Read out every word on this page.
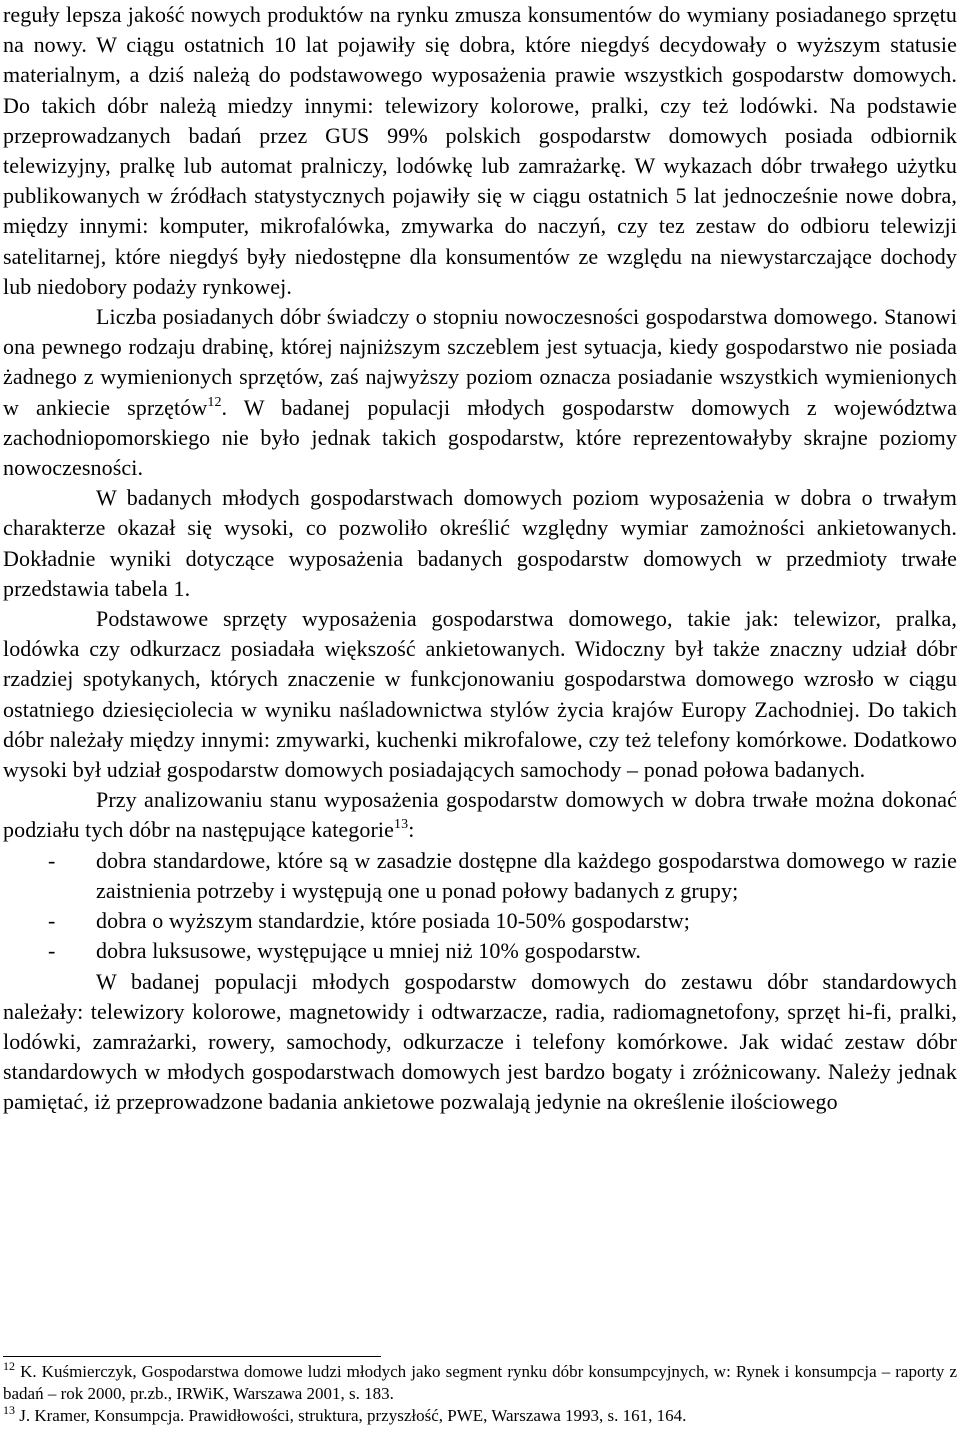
reguły lepsza jakość nowych produktów na rynku zmusza konsumentów do wymiany posiadanego sprzętu na nowy. W ciągu ostatnich 10 lat pojawiły się dobra, które niegdyś decydowały o wyższym statusie materialnym, a dziś należą do podstawowego wyposażenia prawie wszystkich gospodarstw domowych. Do takich dóbr należą miedzy innymi: telewizory kolorowe, pralki, czy też lodówki. Na podstawie przeprowadzanych badań przez GUS 99% polskich gospodarstw domowych posiada odbiornik telewizyjny, pralkę lub automat pralniczy, lodówkę lub zamrażarkę. W wykazach dóbr trwałego użytku publikowanych w źródłach statystycznych pojawiły się w ciągu ostatnich 5 lat jednocześnie nowe dobra, między innymi: komputer, mikrofalówka, zmywarka do naczyń, czy tez zestaw do odbioru telewizji satelitarnej, które niegdyś były niedostępne dla konsumentów ze względu na niewystarczające dochody lub niedobory podaży rynkowej.

Liczba posiadanych dóbr świadczy o stopniu nowoczesności gospodarstwa domowego. Stanowi ona pewnego rodzaju drabinę, której najniższym szczeblem jest sytuacja, kiedy gospodarstwo nie posiada żadnego z wymienionych sprzętów, zaś najwyższy poziom oznacza posiadanie wszystkich wymienionych w ankiecie sprzętów$^{12}$. W badanej populacji młodych gospodarstw domowych z województwa zachodniopomorskiego nie było jednak takich gospodarstw, które reprezentowałyby skrajne poziomy nowoczesności.

W badanych młodych gospodarstwach domowych poziom wyposażenia w dobra o trwałym charakterze okazał się wysoki, co pozwoliło określić względny wymiar zamożności ankietowanych. Dokładnie wyniki dotyczące wyposażenia badanych gospodarstw domowych w przedmioty trwałe przedstawia tabela 1.

Podstawowe sprzęty wyposażenia gospodarstwa domowego, takie jak: telewizor, pralka, lodówka czy odkurzacz posiadała większość ankietowanych. Widoczny był także znaczny udział dóbr rzadziej spotykanych, których znaczenie w funkcjonowaniu gospodarstwa domowego wzrosło w ciągu ostatniego dziesięciolecia w wyniku naśladownictwa stylów życia krajów Europy Zachodniej. Do takich dóbr należały między innymi: zmywarki, kuchenki mikrofalowe, czy też telefony komórkowe. Dodatkowo wysoki był udział gospodarstw domowych posiadających samochody – ponad połowa badanych.

Przy analizowaniu stanu wyposażenia gospodarstw domowych w dobra trwałe można dokonać podziału tych dóbr na następujące kategorie$^{13}$:

- dobra standardowe, które są w zasadzie dostępne dla każdego gospodarstwa domowego w razie zaistnienia potrzeby i występują one u ponad połowy badanych z grupy;
- dobra o wyższym standardzie, które posiada 10-50% gospodarstw;
- dobra luksusowe, występujące u mniej niż 10% gospodarstw.

W badanej populacji młodych gospodarstw domowych do zestawu dóbr standardowych należały: telewizory kolorowe, magnetowidy i odtwarzacze, radia, radiomagnetofony, sprzęt hi-fi, pralki, lodówki, zamrażarki, rowery, samochody, odkurzacze i telefony komórkowe. Jak widać zestaw dóbr standardowych w młodych gospodarstwach domowych jest bardzo bogaty i zróżnicowany. Należy jednak pamiętać, iż przeprowadzone badania ankietowe pozwalają jedynie na określenie ilościowego

$^{12}$ K. Kuśmierczyk, Gospodarstwa domowe ludzi młodych jako segment rynku dóbr konsumpcyjnych, w: Rynek i konsumpcja – raporty z badań – rok 2000, pr.zb., IRWiK, Warszawa 2001, s. 183.

$^{13}$ J. Kramer, Konsumpcja. Prawidłowości, struktura, przyszłość, PWE, Warszawa 1993, s. 161, 164.
